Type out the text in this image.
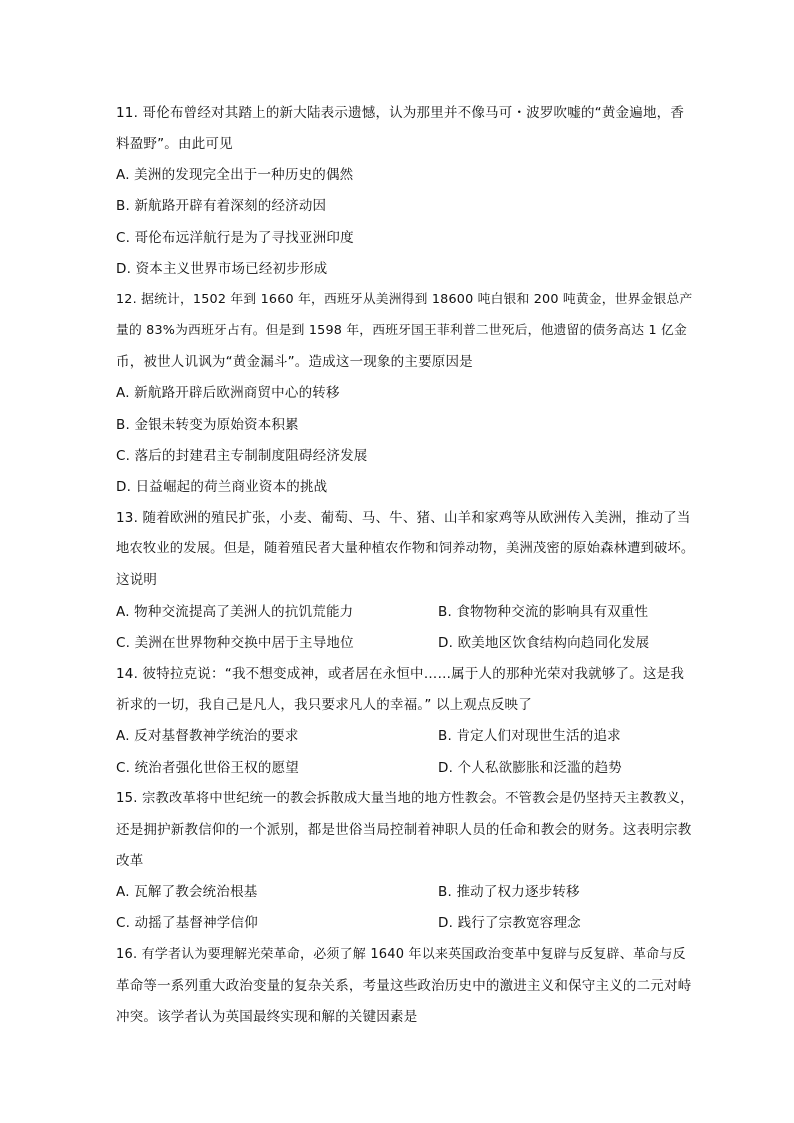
11. 哥伦布曾经对其踏上的新大陆表示遗憾，认为那里并不像马可・波罗吹嘘的“黄金遍地，香
料盈野”。由此可见
A. 美洲的发现完全出于一种历史的偶然
B. 新航路开辟有着深刻的经济动因
C. 哥伦布远洋航行是为了寻找亚洲印度
D. 资本主义世界市场已经初步形成
12. 据统计，1502 年到 1660 年，西班牙从美洲得到 18600 吨白银和 200 吨黄金，世界金银总产
量的 83%为西班牙占有。但是到 1598 年，西班牙国王菲利普二世死后，他遗留的债务高达 1 亿金
币，被世人讥讽为“黄金漏斗”。造成这一现象的主要原因是
A. 新航路开辟后欧洲商贸中心的转移
B. 金银未转变为原始资本积累
C. 落后的封建君主专制制度阻碍经济发展
D. 日益崛起的荷兰商业资本的挑战
13. 随着欧洲的殖民扩张，小麦、葡萄、马、牛、猪、山羊和家鸡等从欧洲传入美洲，推动了当
地农牧业的发展。但是，随着殖民者大量种植农作物和饲养动物，美洲茂密的原始森林遭到破坏。
这说明
A. 物种交流提高了美洲人的抗饥荒能力	B. 食物物种交流的影响具有双重性
C. 美洲在世界物种交换中居于主导地位	D. 欧美地区饮食结构向趋同化发展
14. 彼特拉克说：“我不想变成神，或者居在永恒中……属于人的那种光荣对我就够了。这是我
祈求的一切，我自己是凡人，我只要求凡人的幸福。” 以上观点反映了
A. 反对基督教神学统治的要求	B. 肯定人们对现世生活的追求
C. 统治者强化世俗王权的愿望	D. 个人私欲膨胀和泛滥的趋势
15. 宗教改革将中世纪统一的教会拆散成大量当地的地方性教会。不管教会是仍坚持天主教教义，
还是拥护新教信仰的一个派别，都是世俗当局控制着神职人员的任命和教会的财务。这表明宗教
改革
A. 瓦解了教会统治根基	B. 推动了权力逐步转移
C. 动摇了基督神学信仰	D. 践行了宗教宽容理念
16. 有学者认为要理解光荣革命，必须了解 1640 年以来英国政治变革中复辟与反复辟、革命与反
革命等一系列重大政治变量的复杂关系，考量这些政治历史中的激进主义和保守主义的二元对峙
冲突。该学者认为英国最终实现和解的关键因素是
